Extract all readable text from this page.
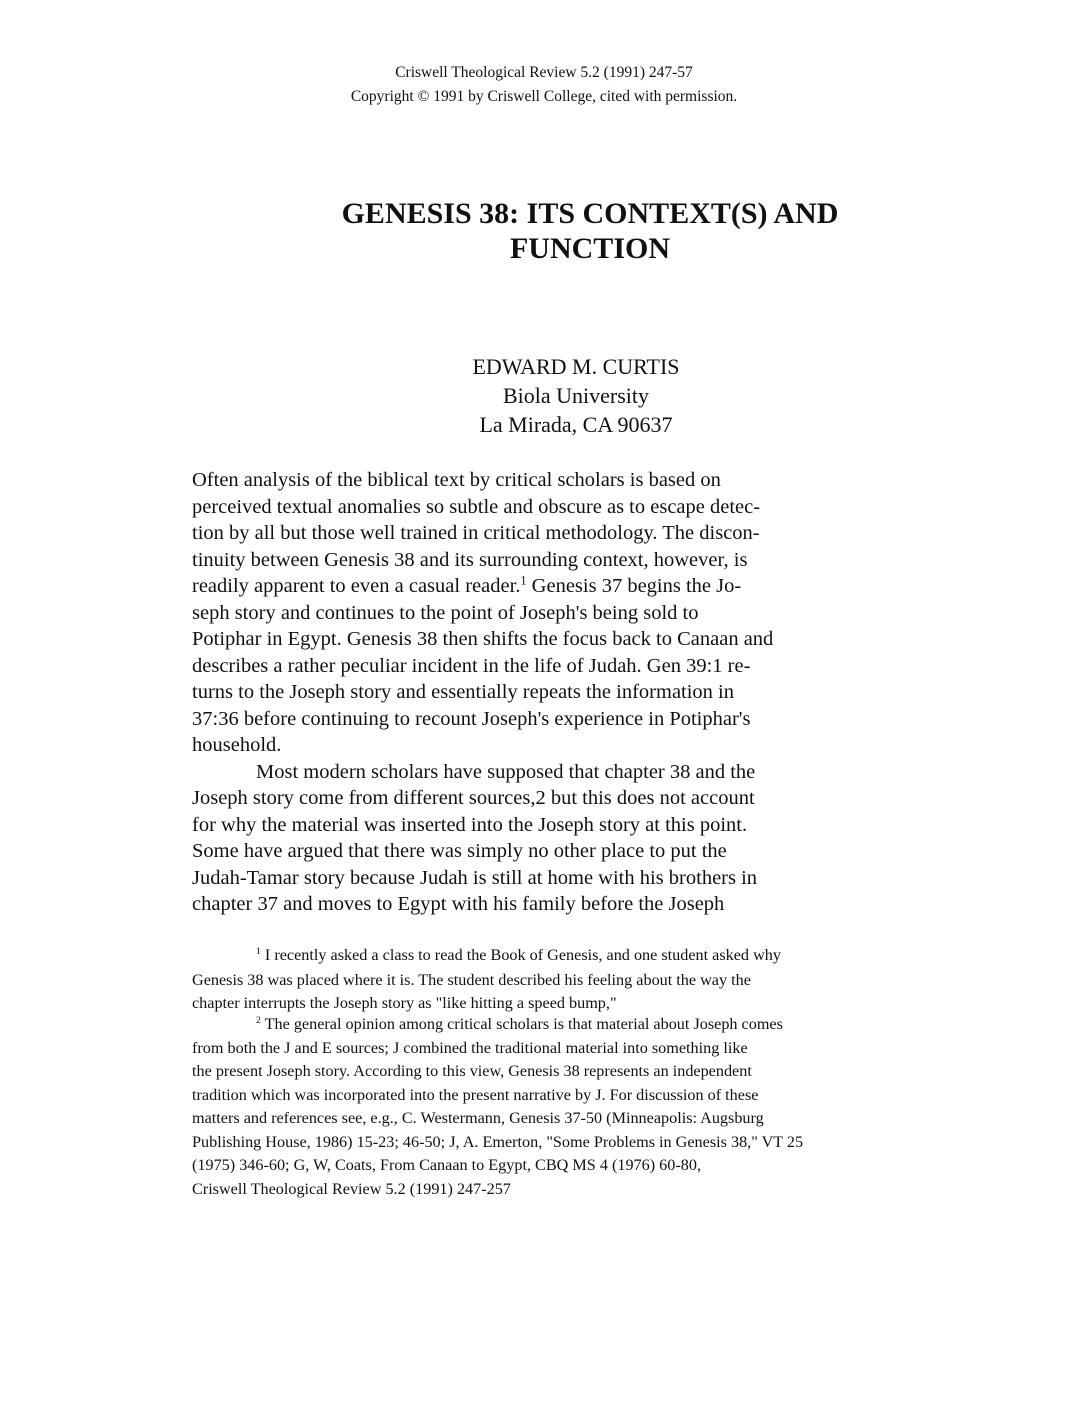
Criswell Theological Review 5.2 (1991) 247-57
Copyright © 1991 by Criswell College, cited with permission.
GENESIS 38: ITS CONTEXT(S) AND
FUNCTION
EDWARD M. CURTIS
Biola University
La Mirada, CA 90637
Often analysis of the biblical text by critical scholars is based on
perceived textual anomalies so subtle and obscure as to escape detec-
tion by all but those well trained in critical methodology. The discon-
tinuity between Genesis 38 and its surrounding context, however, is
readily apparent to even a casual reader.$^1$ Genesis 37 begins the Jo-
seph story and continues to the point of Joseph's being sold to
Potiphar in Egypt. Genesis 38 then shifts the focus back to Canaan and
describes a rather peculiar incident in the life of Judah. Gen 39:1 re-
turns to the Joseph story and essentially repeats the information in
37:36 before continuing to recount Joseph's experience in Potiphar's
household.
Most modern scholars have supposed that chapter 38 and the
Joseph story come from different sources,2 but this does not account
for why the material was inserted into the Joseph story at this point.
Some have argued that there was simply no other place to put the
Judah-Tamar story because Judah is still at home with his brothers in
chapter 37 and moves to Egypt with his family before the Joseph
$^1$ I recently asked a class to read the Book of Genesis, and one student asked why
Genesis 38 was placed where it is. The student described his feeling about the way the
chapter interrupts the Joseph story as "like hitting a speed bump,"
$^2$ The general opinion among critical scholars is that material about Joseph comes
from both the J and E sources; J combined the traditional material into something like
the present Joseph story. According to this view, Genesis 38 represents an independent
tradition which was incorporated into the present narrative by J. For discussion of these
matters and references see, e.g., C. Westermann, Genesis 37-50 (Minneapolis: Augsburg
Publishing House, 1986) 15-23; 46-50; J, A. Emerton, "Some Problems in Genesis 38," VT 25
(1975) 346-60; G, W, Coats, From Canaan to Egypt, CBQ MS 4 (1976) 60-80,
Criswell Theological Review 5.2 (1991) 247-257
